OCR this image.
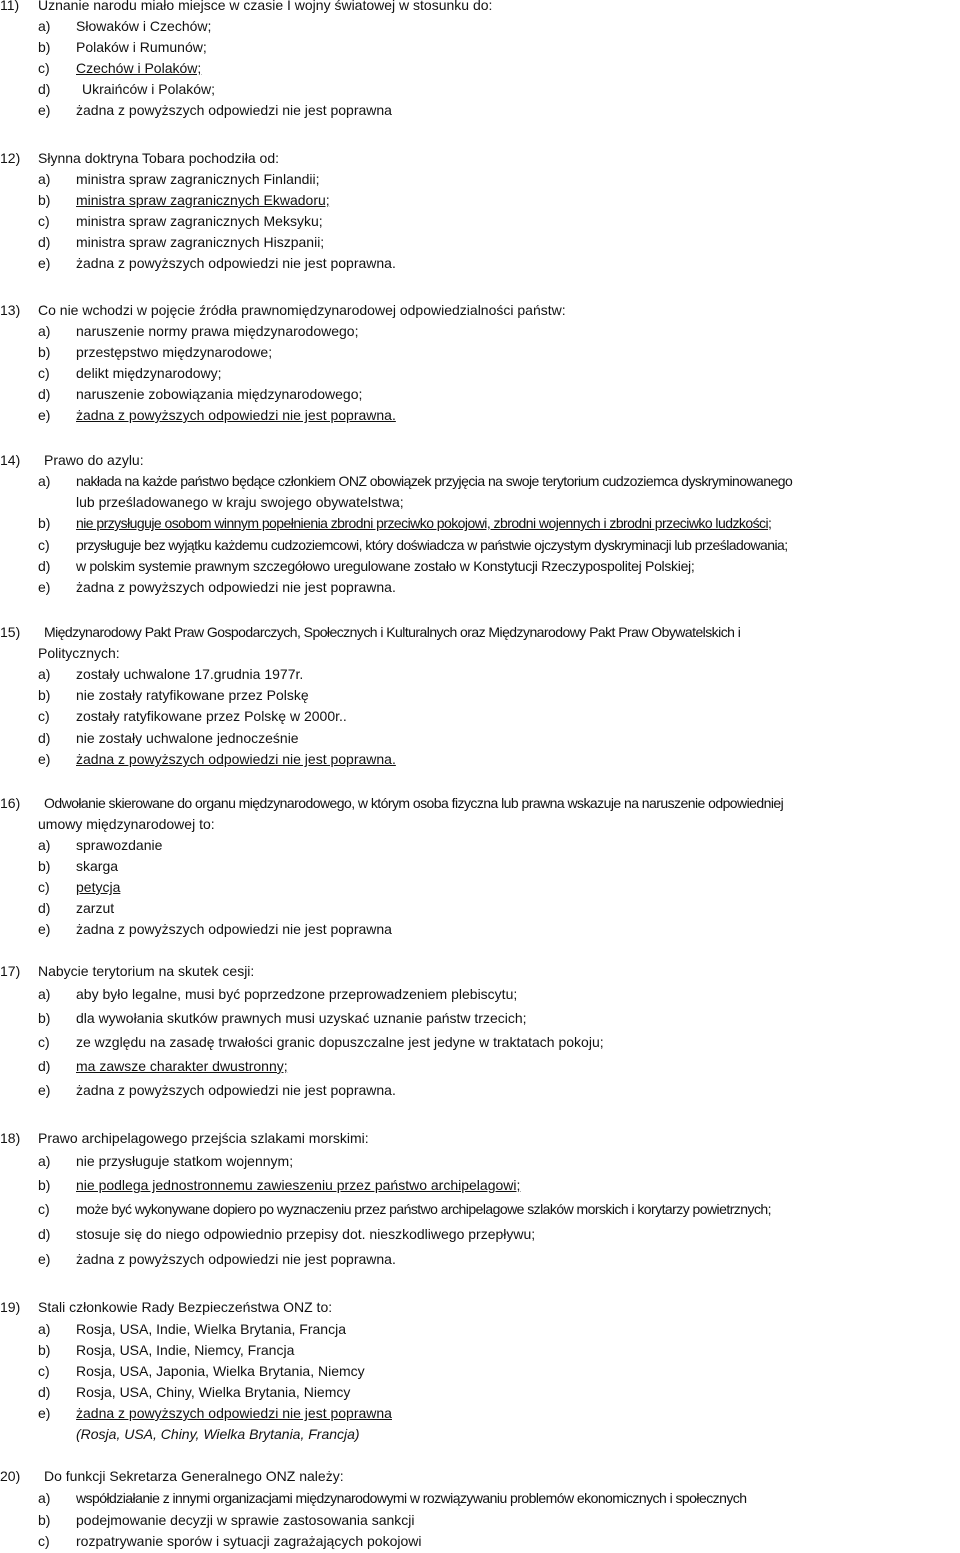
11) Uznanie narodu miało miejsce w czasie I wojny światowej w stosunku do:
a) Słowaków i Czechów;
b) Polaków i Rumunów;
c) Czechów i Polaków;
d) Ukraińców i Polaków;
e) żadna z powyższych odpowiedzi nie jest poprawna
12) Słynna doktryna Tobara pochodziła od:
a) ministra spraw zagranicznych Finlandii;
b) ministra spraw zagranicznych Ekwadoru;
c) ministra spraw zagranicznych Meksyku;
d) ministra spraw zagranicznych Hiszpanii;
e) żadna z powyższych odpowiedzi nie jest poprawna.
13) Co nie wchodzi w pojęcie źródła prawnomiędzynarodowej odpowiedzialności państw:
a) naruszenie normy prawa międzynarodowego;
b) przestępstwo międzynarodowe;
c) delikt międzynarodowy;
d) naruszenie zobowiązania międzynarodowego;
e) żadna z powyższych odpowiedzi nie jest poprawna.
14) Prawo do azylu:
a) nakłada na każde państwo będące członkiem ONZ obowiązek przyjęcia na swoje terytorium cudzoziemca dyskryminowanego
lub prześladowanego w kraju swojego obywatelstwa;
b) nie przysługuje osobom winnym popełnienia zbrodni przeciwko pokojowi, zbrodni wojennych i zbrodni przeciwko ludzkości;
c) przysługuje bez wyjątku każdemu cudzoziemcowi, który doświadcza w państwie ojczystym dyskryminacji lub prześladowania;
d) w polskim systemie prawnym szczegółowo uregulowane zostało w Konstytucji Rzeczypospolitej Polskiej;
e) żadna z powyższych odpowiedzi nie jest poprawna.
15) Międzynarodowy Pakt Praw Gospodarczych, Społecznych i Kulturalnych oraz Międzynarodowy Pakt Praw Obywatelskich i
Politycznych:
a) zostały uchwalone 17.grudnia 1977r.
b) nie zostały ratyfikowane przez Polskę
c) zostały ratyfikowane przez Polskę w 2000r..
d) nie zostały uchwalone jednocześnie
e) żadna z powyższych odpowiedzi nie jest poprawna.
16) Odwołanie skierowane do organu międzynarodowego, w którym osoba fizyczna lub prawna wskazuje na naruszenie odpowiedniej
umowy międzynarodowej to:
a) sprawozdanie
b) skarga
c) petycja
d) zarzut
e) żadna z powyższych odpowiedzi nie jest poprawna
17) Nabycie terytorium na skutek cesji:
a) aby było legalne, musi być poprzedzone przeprowadzeniem plebiscytu;
b) dla wywołania skutków prawnych musi uzyskać uznanie państw trzecich;
c) ze względu na zasadę trwałości granic dopuszczalne jest jedyne w traktatach pokoju;
d) ma zawsze charakter dwustronny;
e) żadna z powyższych odpowiedzi nie jest poprawna.
18) Prawo archipelagowego przejścia szlakami morskimi:
a) nie przysługuje statkom wojennym;
b) nie podlega jednostronnemu zawieszeniu przez państwo archipelagowi;
c) może być wykonywane dopiero po wyznaczeniu przez państwo archipelagowe szlaków morskich i korytarzy powietrznych;
d) stosuje się do niego odpowiednio przepisy dot. nieszkodliwego przepływu;
e) żadna z powyższych odpowiedzi nie jest poprawna.
19) Stali członkowie Rady Bezpieczeństwa ONZ to:
a) Rosja, USA, Indie, Wielka Brytania, Francja
b) Rosja, USA, Indie, Niemcy, Francja
c) Rosja, USA, Japonia, Wielka Brytania, Niemcy
d) Rosja, USA, Chiny, Wielka Brytania, Niemcy
e) żadna z powyższych odpowiedzi nie jest poprawna
(Rosja, USA, Chiny, Wielka Brytania, Francja)
20) Do funkcji Sekretarza Generalnego ONZ należy:
a) współdziałanie z innymi organizacjami międzynarodowymi w rozwiązywaniu problemów ekonomicznych i społecznych
b) podejmowanie decyzji w sprawie zastosowania sankcji
c) rozpatrywanie sporów i sytuacji zagrażających pokojowi
